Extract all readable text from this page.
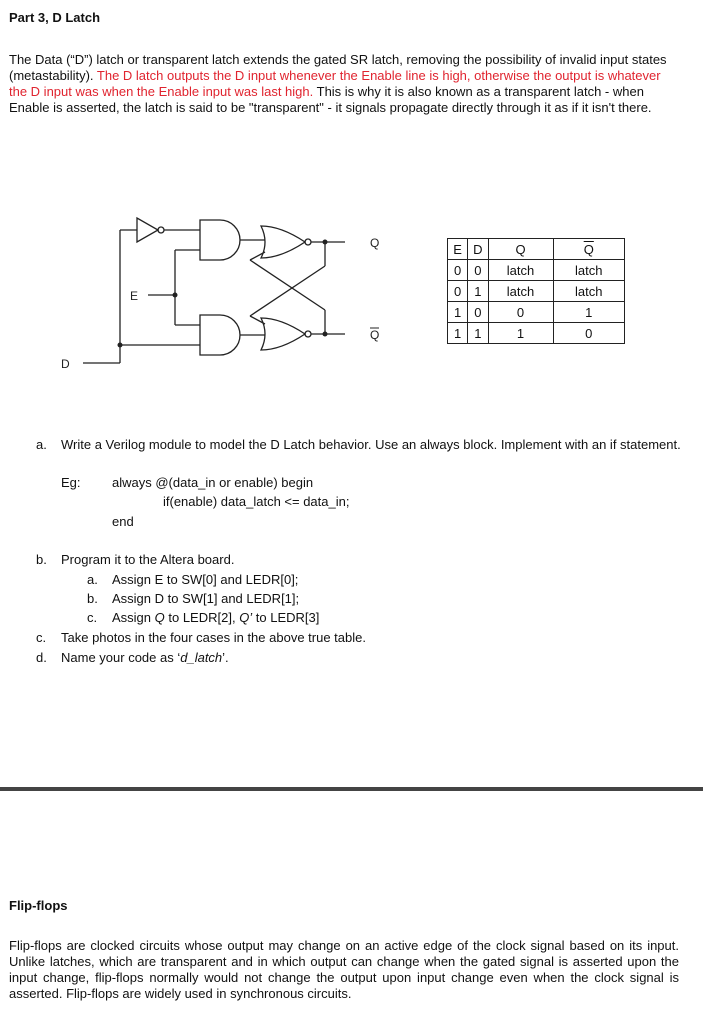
Part 3, D Latch
The Data (“D”) latch or transparent latch extends the gated SR latch, removing the possibility of invalid input states (metastability). The D latch outputs the D input whenever the Enable line is high, otherwise the output is whatever the D input was when the Enable input was last high. This is why it is also known as a transparent latch - when Enable is asserted, the latch is said to be "transparent" - it signals propagate directly through it as if it isn't there.
D
E
Q
Q
E	D	Q	$\overline{Q}$
0	0	latch	latch
0	1	latch	latch
1	0	0	1
1	1	1	0
a. Write a Verilog module to model the D Latch behavior. Use an always block. Implement with an if statement.
Eg: always @(data_in or enable) begin
if(enable) data_latch <= data_in;
end
b. Program it to the Altera board.
a. Assign E to SW[0] and LEDR[0];
b. Assign D to SW[1] and LEDR[1];
c. Assign Q to LEDR[2], Q’ to LEDR[3]
c. Take photos in the four cases in the above true table.
d. Name your code as ‘d_latch’.
Flip-flops
Flip-flops are clocked circuits whose output may change on an active edge of the clock signal based on its input. Unlike latches, which are transparent and in which output can change when the gated signal is asserted upon the input change, flip-flops normally would not change the output upon input change even when the clock signal is asserted. Flip-flops are widely used in synchronous circuits.
